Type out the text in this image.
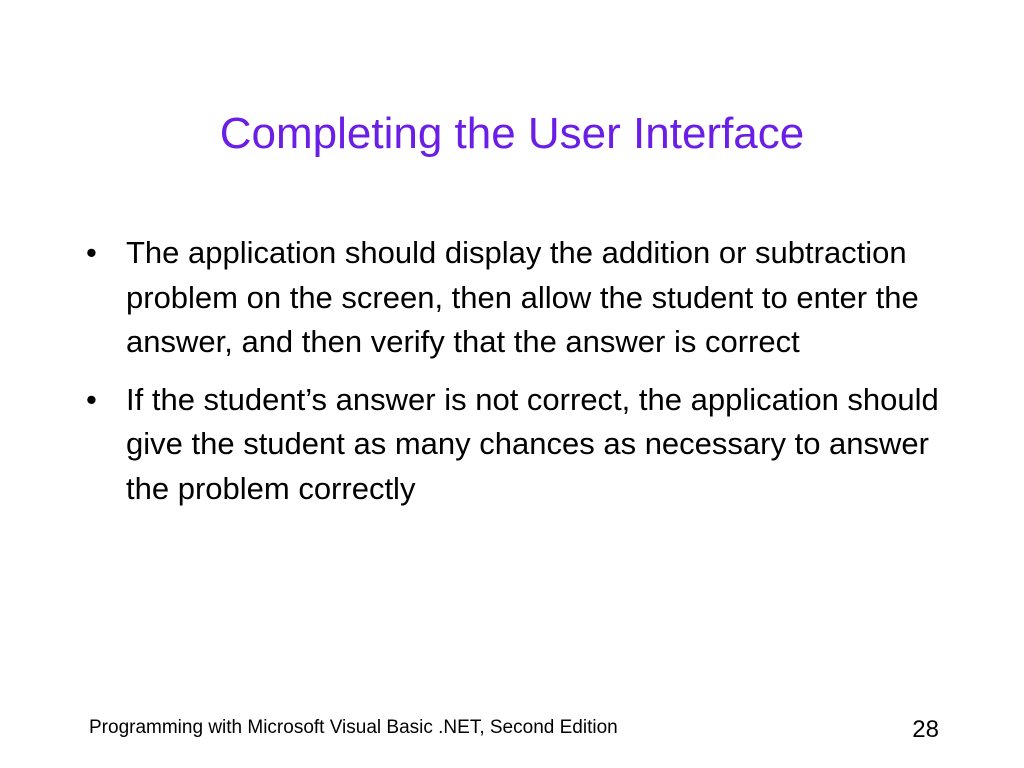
Completing the User Interface
• The application should display the addition or subtraction problem on the screen, then allow the student to enter the answer, and then verify that the answer is correct
• If the student’s answer is not correct, the application should give the student as many chances as necessary to answer the problem correctly
Programming with Microsoft Visual Basic .NET, Second Edition	28
